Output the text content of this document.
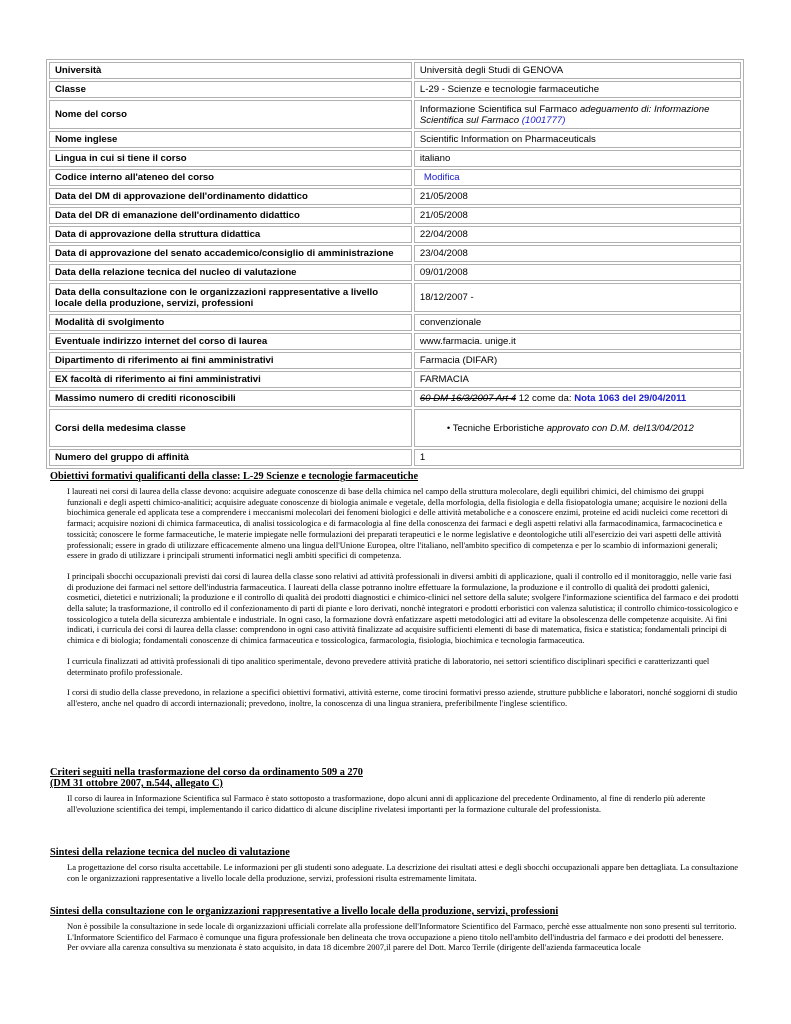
Università	Università degli Studi di GENOVA
Classe	L-29 - Scienze e tecnologie farmaceutiche
Nome del corso	Informazione Scientifica sul Farmaco adeguamento di: Informazione Scientifica sul Farmaco (1001777)
Nome inglese	Scientific Information on Pharmaceuticals
Lingua in cui si tiene il corso	italiano
Codice interno all'ateneo del corso	Modifica
Data del DM di approvazione dell'ordinamento didattico	21/05/2008
Data del DR di emanazione dell'ordinamento didattico	21/05/2008
Data di approvazione della struttura didattica	22/04/2008
Data di approvazione del senato accademico/consiglio di amministrazione	23/04/2008
Data della relazione tecnica del nucleo di valutazione	09/01/2008
Data della consultazione con le organizzazioni rappresentative a livello locale della produzione, servizi, professioni	18/12/2007 -
Modalità di svolgimento	convenzionale
Eventuale indirizzo internet del corso di laurea	www.farmacia. unige.it
Dipartimento di riferimento ai fini amministrativi	Farmacia (DIFAR)
EX facoltà di riferimento ai fini amministrativi	FARMACIA
Massimo numero di crediti riconoscibili	60 DM 16/3/2007 Art 4 12 come da: Nota 1063 del 29/04/2011
Corsi della medesima classe	• Tecniche Erboristiche approvato con D.M. del13/04/2012
Numero del gruppo di affinità	1
Obiettivi formativi qualificanti della classe: L-29 Scienze e tecnologie farmaceutiche

I laureati nei corsi di laurea della classe devono: acquisire adeguate conoscenze di base della chimica nel campo della struttura molecolare, degli equilibri chimici, del chimismo dei gruppi funzionali e degli aspetti chimico-analitici; acquisire adeguate conoscenze di biologia animale e vegetale, della morfologia, della fisiologia e della fisiopatologia umane; acquisire le nozioni della biochimica generale ed applicata tese a comprendere i meccanismi molecolari dei fenomeni biologici e delle attività metaboliche e a conoscere enzimi, proteine ed acidi nucleici come recettori di farmaci; acquisire nozioni di chimica farmaceutica, di analisi tossicologica e di farmacologia al fine della conoscenza dei farmaci e degli aspetti relativi alla farmacodinamica, farmacocinetica e tossicità; conoscere le forme farmaceutiche, le materie impiegate nelle formulazioni dei preparati terapeutici e le norme legislative e deontologiche utili all'esercizio dei vari aspetti delle attività professionali; essere in grado di utilizzare efficacemente almeno una lingua dell'Unione Europea, oltre l'italiano, nell'ambito specifico di competenza e per lo scambio di informazioni generali; essere in grado di utilizzare i principali strumenti informatici negli ambiti specifici di competenza.

I principali sbocchi occupazionali previsti dai corsi di laurea della classe sono relativi ad attività professionali in diversi ambiti di applicazione, quali il controllo ed il monitoraggio, nelle varie fasi di produzione dei farmaci nel settore dell'industria farmaceutica. I laureati della classe potranno inoltre effettuare la formulazione, la produzione e il controllo di qualità dei prodotti galenici, cosmetici, dietetici e nutrizionali; la produzione e il controllo di qualità dei prodotti diagnostici e chimico-clinici nel settore della salute; svolgere l'informazione scientifica del farmaco e dei prodotti della salute; la trasformazione, il controllo ed il confezionamento di parti di piante e loro derivati, nonchè integratori e prodotti erboristici con valenza salutistica; il controllo chimico-tossicologico e tossicologico a tutela della sicurezza ambientale e industriale. In ogni caso, la formazione dovrà enfatizzare aspetti metodologici atti ad evitare la obsolescenza delle competenze acquisite. Ai fini indicati, i curricula dei corsi di laurea della classe: comprendono in ogni caso attività finalizzate ad acquisire sufficienti elementi di base di matematica, fisica e statistica; fondamentali principi di chimica e di biologia; fondamentali conoscenze di chimica farmaceutica e tossicologica, farmacologia, fisiologia, biochimica e tecnologia farmaceutica.

I curricula finalizzati ad attività professionali di tipo analitico sperimentale, devono prevedere attività pratiche di laboratorio, nei settori scientifico disciplinari specifici e caratterizzanti quel determinato profilo professionale.

I corsi di studio della classe prevedono, in relazione a specifici obiettivi formativi, attività esterne, come tirocini formativi presso aziende, strutture pubbliche e laboratori, nonché soggiorni di studio all'estero, anche nel quadro di accordi internazionali; prevedono, inoltre, la conoscenza di una lingua straniera, preferibilmente l'inglese scientifico.

Criteri seguiti nella trasformazione del corso da ordinamento 509 a 270
(DM 31 ottobre 2007, n.544, allegato C)

Il corso di laurea in Informazione Scientifica sul Farmaco è stato sottoposto a trasformazione, dopo alcuni anni di applicazione del precedente Ordinamento, al fine di renderlo più aderente all'evoluzione scientifica dei tempi, implementando il carico didattico di alcune discipline rivelatesi importanti per la formazione culturale del professionista.

Sintesi della relazione tecnica del nucleo di valutazione

La progettazione del corso risulta accettabile. Le informazioni per gli studenti sono adeguate. La descrizione dei risultati attesi e degli sbocchi occupazionali appare ben dettagliata. La consultazione con le organizzazioni rappresentative a livello locale della produzione, servizi, professioni risulta estremamente limitata.

Sintesi della consultazione con le organizzazioni rappresentative a livello locale della produzione, servizi, professioni

Non è possibile la consultazione in sede locale di organizzazioni ufficiali correlate alla professione dell'Informatore Scientifico del Farmaco, perchè esse attualmente non sono presenti sul territorio.

L'Informatore Scientifico del Farmaco è comunque una figura professionale ben delineata che trova occupazione a pieno titolo nell'ambito dell'industria del farmaco e dei prodotti del benessere.

Per ovviare alla carenza consultiva su menzionata è stato acquisito, in data 18 dicembre 2007,il parere del Dott. Marco Terrile (dirigente dell'azienda farmaceutica locale
